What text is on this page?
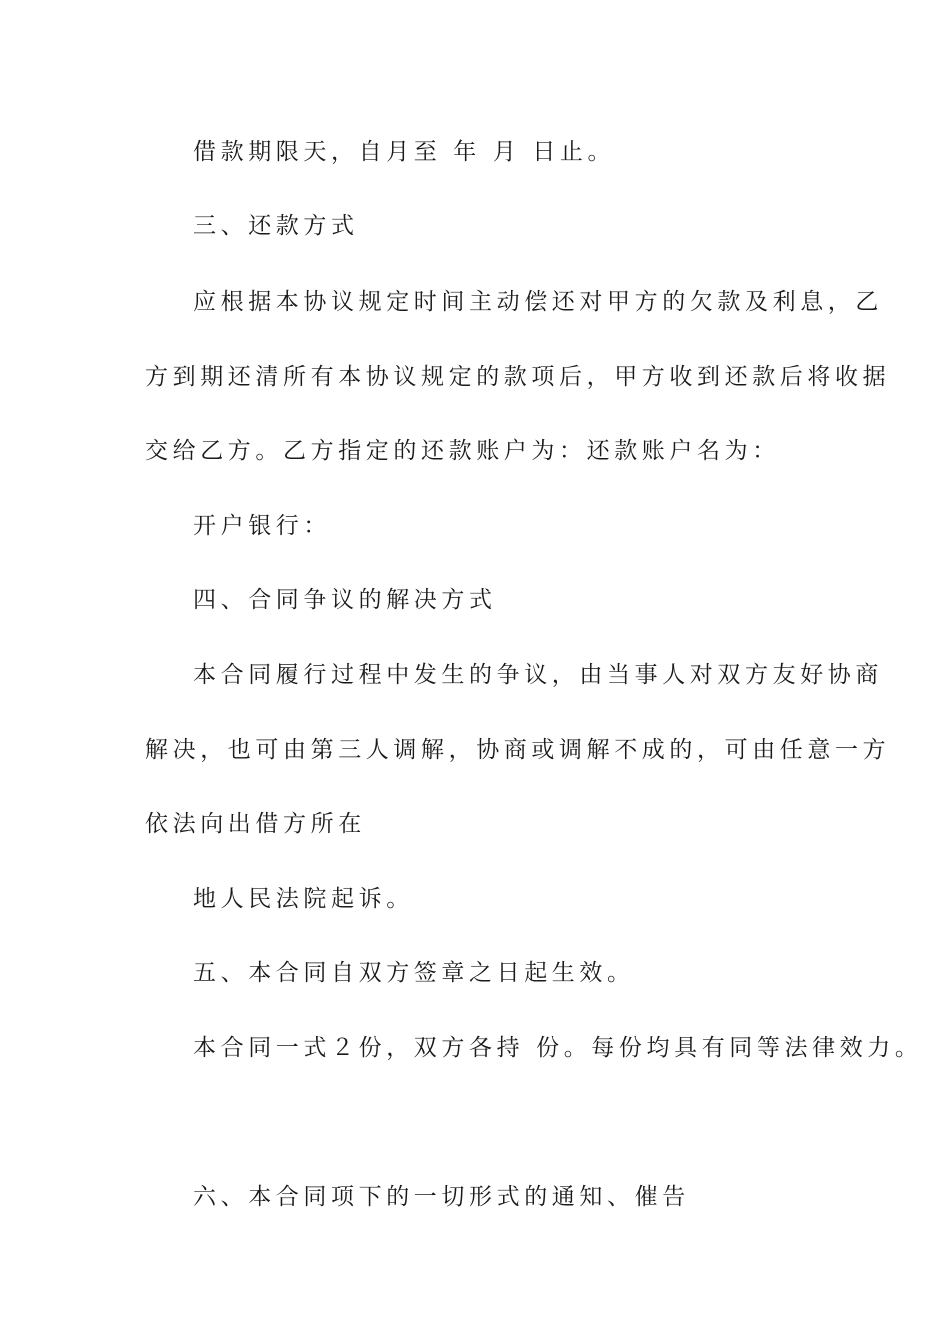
借款期限天，自月至 年 月 日止。
三、还款方式
应根据本协议规定时间主动偿还对甲方的欠款及利息，乙
方到期还清所有本协议规定的款项后，甲方收到还款后将收据
交给乙方。乙方指定的还款账户为：还款账户名为：
开户银行：
四、合同争议的解决方式
本合同履行过程中发生的争议，由当事人对双方友好协商
解决，也可由第三人调解，协商或调解不成的，可由任意一方
依法向出借方所在
地人民法院起诉。
五、本合同自双方签章之日起生效。
本合同一式２份，双方各持 份。每份均具有同等法律效力。
六、本合同项下的一切形式的通知、催告
